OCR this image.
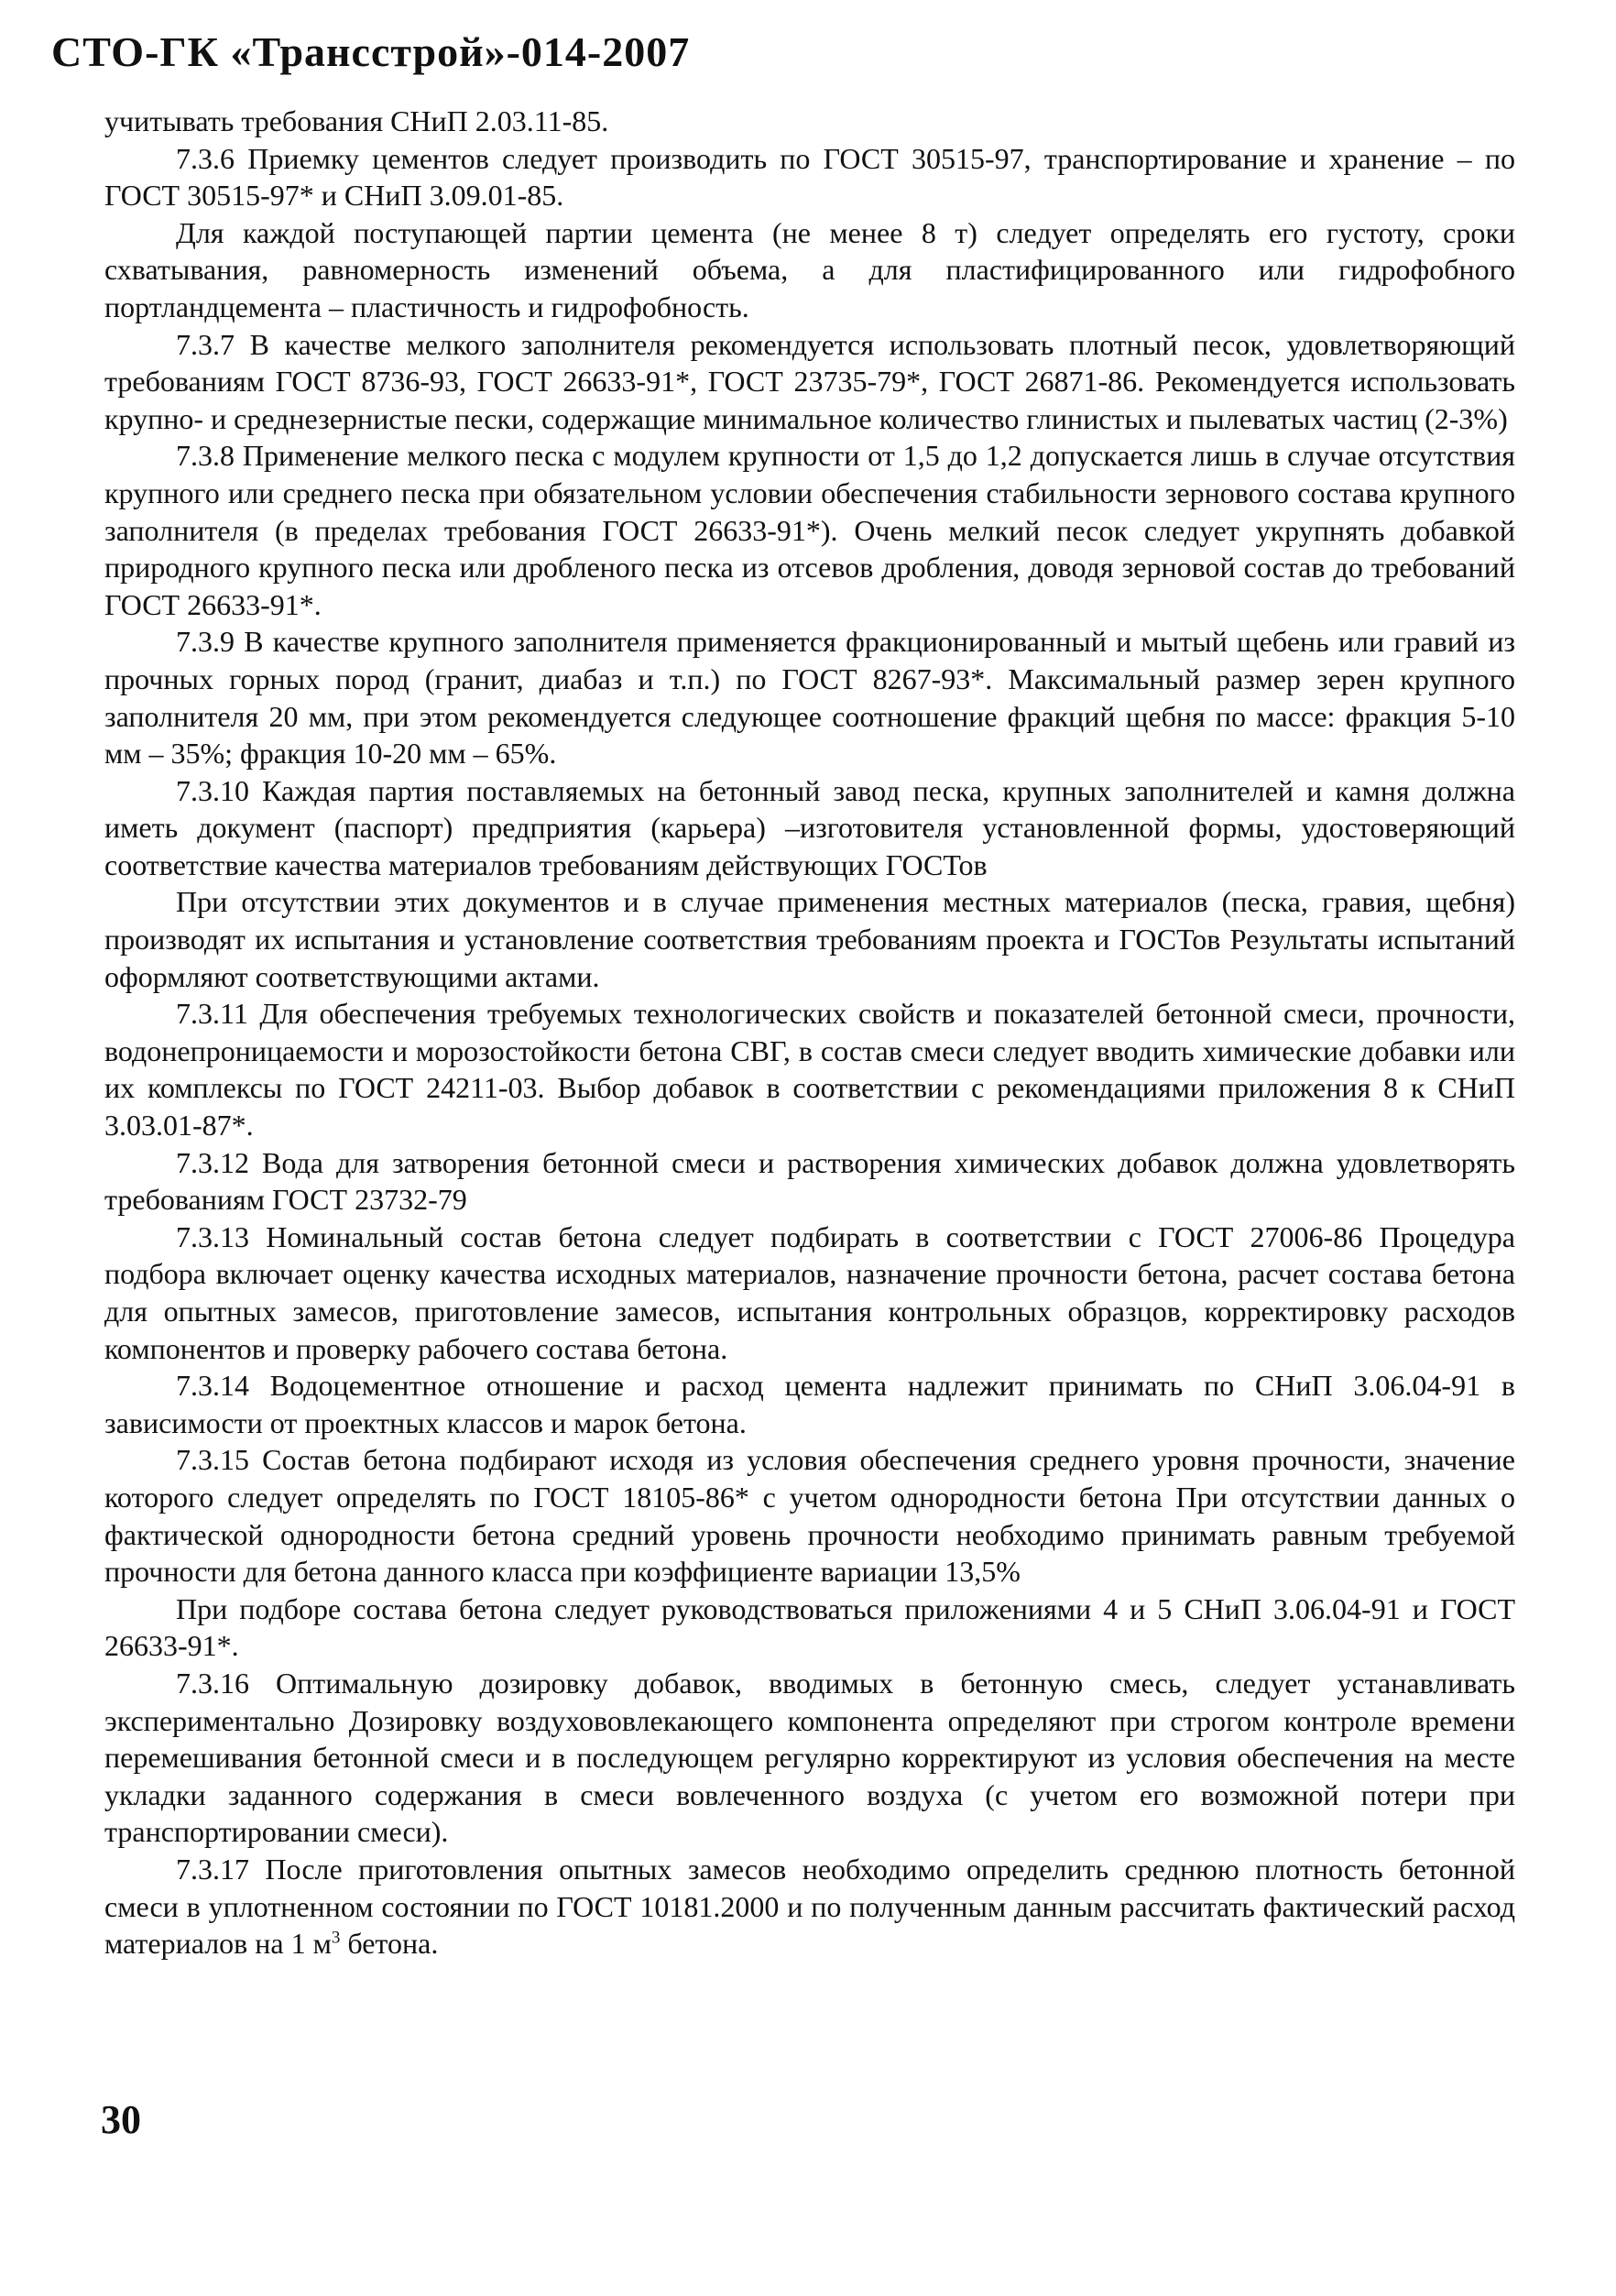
СТО-ГК «Трансстрой»-014-2007

учитывать требования СНиП 2.03.11-85.

7.3.6 Приемку цементов следует производить по ГОСТ 30515-97, транспортирование и хранение – по ГОСТ 30515-97* и СНиП 3.09.01-85.

Для каждой поступающей партии цемента (не менее 8 т) следует определять его густоту, сроки схватывания, равномерность изменений объема, а для пластифицированного или гидрофобного портландцемента – пластичность и гидрофобность.

7.3.7 В качестве мелкого заполнителя рекомендуется использовать плотный песок, удовлетворяющий требованиям ГОСТ 8736-93, ГОСТ 26633-91*, ГОСТ 23735-79*, ГОСТ 26871-86. Рекомендуется использовать крупно- и среднезернистые пески, содержащие минимальное количество глинистых и пылеватых частиц (2-3%)

7.3.8 Применение мелкого песка с модулем крупности от 1,5 до 1,2 допускается лишь в случае отсутствия крупного или среднего песка при обязательном условии обеспечения стабильности зернового состава крупного заполнителя (в пределах требования ГОСТ 26633-91*). Очень мелкий песок следует укрупнять добавкой природного крупного песка или дробленого песка из отсевов дробления, доводя зерновой состав до требований ГОСТ 26633-91*.

7.3.9 В качестве крупного заполнителя применяется фракционированный и мытый щебень или гравий из прочных горных пород (гранит, диабаз и т.п.) по ГОСТ 8267-93*. Максимальный размер зерен крупного заполнителя 20 мм, при этом рекомендуется следующее соотношение фракций щебня по массе: фракция 5-10 мм – 35%; фракция 10-20 мм – 65%.

7.3.10 Каждая партия поставляемых на бетонный завод песка, крупных заполнителей и камня должна иметь документ (паспорт) предприятия (карьера) –изготовителя установленной формы, удостоверяющий соответствие качества материалов требованиям действующих ГОСТов

При отсутствии этих документов и в случае применения местных материалов (песка, гравия, щебня) производят их испытания и установление соответствия требованиям проекта и ГОСТов Результаты испытаний оформляют соответствующими актами.

7.3.11 Для обеспечения требуемых технологических свойств и показателей бетонной смеси, прочности, водонепроницаемости и морозостойкости бетона СВГ, в состав смеси следует вводить химические добавки или их комплексы по ГОСТ 24211-03. Выбор добавок в соответствии с рекомендациями приложения 8 к СНиП 3.03.01-87*.

7.3.12 Вода для затворения бетонной смеси и растворения химических добавок должна удовлетворять требованиям ГОСТ 23732-79

7.3.13 Номинальный состав бетона следует подбирать в соответствии с ГОСТ 27006-86 Процедура подбора включает оценку качества исходных материалов, назначение прочности бетона, расчет состава бетона для опытных замесов, приготовление замесов, испытания контрольных образцов, корректировку расходов компонентов и проверку рабочего состава бетона.

7.3.14 Водоцементное отношение и расход цемента надлежит принимать по СНиП 3.06.04-91 в зависимости от проектных классов и марок бетона.

7.3.15 Состав бетона подбирают исходя из условия обеспечения среднего уровня прочности, значение которого следует определять по ГОСТ 18105-86* с учетом однородности бетона При отсутствии данных о фактической однородности бетона средний уровень прочности необходимо принимать равным требуемой прочности для бетона данного класса при коэффициенте вариации 13,5%

При подборе состава бетона следует руководствоваться приложениями 4 и 5 СНиП 3.06.04-91 и ГОСТ 26633-91*.

7.3.16 Оптимальную дозировку добавок, вводимых в бетонную смесь, следует устанавливать экспериментально Дозировку воздухововлекающего компонента определяют при строгом контроле времени перемешивания бетонной смеси и в последующем регулярно корректируют из условия обеспечения на месте укладки заданного содержания в смеси вовлеченного воздуха (с учетом его возможной потери при транспортировании смеси).

7.3.17 После приготовления опытных замесов необходимо определить среднюю плотность бетонной смеси в уплотненном состоянии по ГОСТ 10181.2000 и по полученным данным рассчитать фактический расход материалов на 1 $м^3$ бетона.

30
